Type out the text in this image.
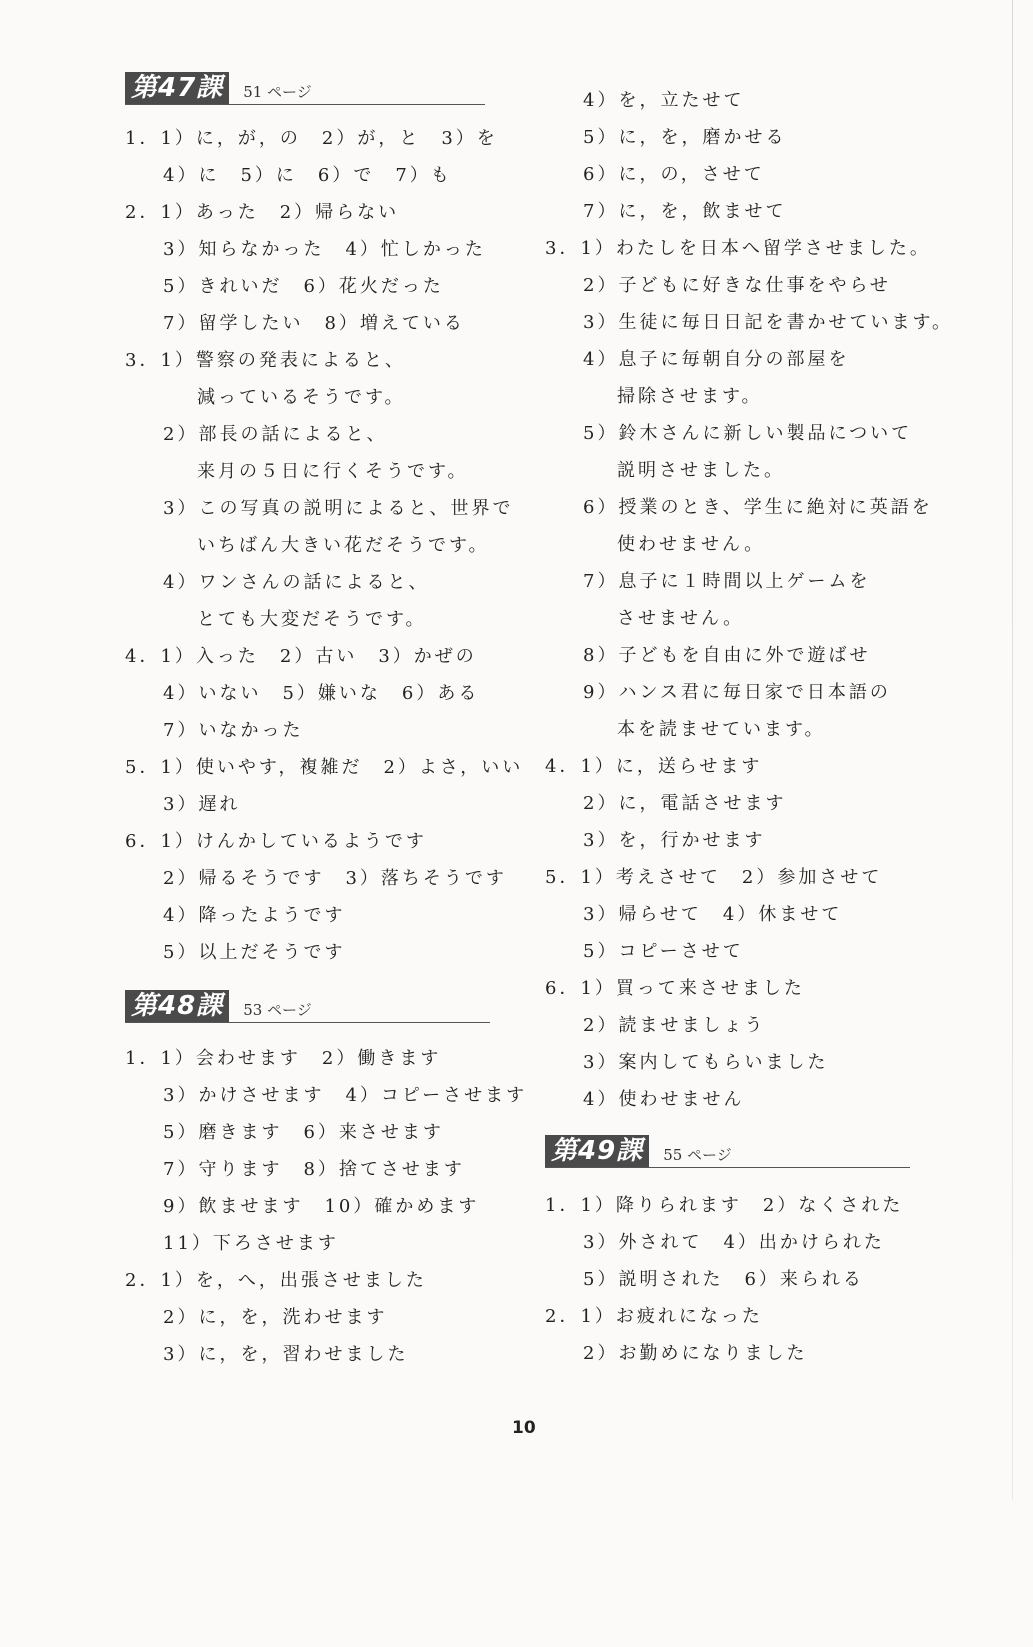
第47課	51 ページ
1．1）に，が，の　2）が，と　3）を
4）に　5）に　6）で　7）も
2．1）あった　2）帰らない
3）知らなかった　4）忙しかった
5）きれいだ　6）花火だった
7）留学したい　8）増えている
3．1）警察の発表によると、
減っているそうです。
2）部長の話によると、
来月の５日に行くそうです。
3）この写真の説明によると、世界で
いちばん大きい花だそうです。
4）ワンさんの話によると、
とても大変だそうです。
4．1）入った　2）古い　3）かぜの
4）いない　5）嫌いな　6）ある
7）いなかった
5．1）使いやす，複雑だ　2）よさ，いい
3）遅れ
6．1）けんかしているようです
2）帰るそうです　3）落ちそうです
4）降ったようです
5）以上だそうです
第48課	53 ページ
1．1）会わせます　2）働きます
3）かけさせます　4）コピーさせます
5）磨きます　6）来させます
7）守ります　8）捨てさせます
9）飲ませます　10）確かめます
11）下ろさせます
2．1）を，へ，出張させました
2）に，を，洗わせます
3）に，を，習わせました
4）を，立たせて
5）に，を，磨かせる
6）に，の，させて
7）に，を，飲ませて
3．1）わたしを日本へ留学させました。
2）子どもに好きな仕事をやらせ
3）生徒に毎日日記を書かせています。
4）息子に毎朝自分の部屋を
掃除させます。
5）鈴木さんに新しい製品について
説明させました。
6）授業のとき、学生に絶対に英語を
使わせません。
7）息子に１時間以上ゲームを
させません。
8）子どもを自由に外で遊ばせ
9）ハンス君に毎日家で日本語の
本を読ませています。
4．1）に，送らせます
2）に，電話させます
3）を，行かせます
5．1）考えさせて　2）参加させて
3）帰らせて　4）休ませて
5）コピーさせて
6．1）買って来させました
2）読ませましょう
3）案内してもらいました
4）使わせません
第49課	55 ページ
1．1）降りられます　2）なくされた
3）外されて　4）出かけられた
5）説明された　6）来られる
2．1）お疲れになった
2）お勤めになりました
10
